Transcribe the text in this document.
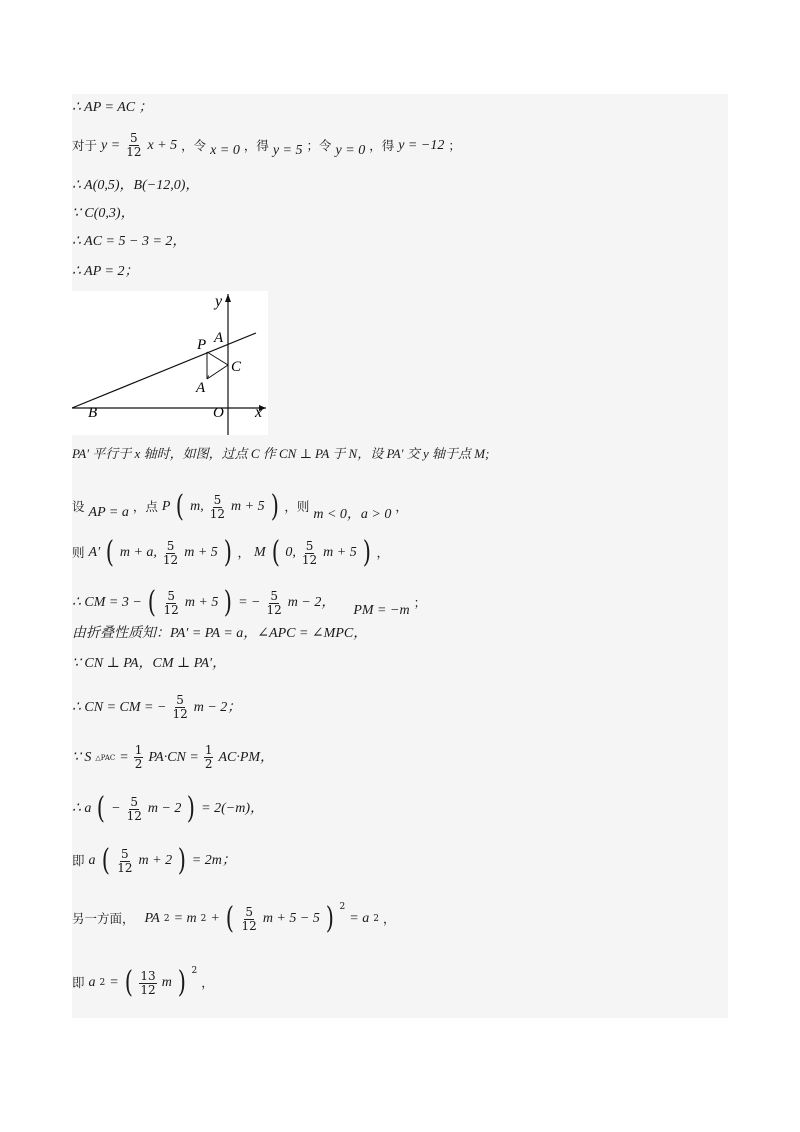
∴ AP = AC ；
对于 $y = \frac{5}{12}$ x + 5 ，令 x = 0 ，得 y = 5 ；令 y = 0 ，得 y = −12 ；
∴ A(0,5)，B(−12,0)，
∵ C(0,3)，
∴ AC = 5 − 3 = 2，
∴ AP = 2；
y
x
A
P
C
A
′
B	O
PA′ 平行于 x 轴时，如图，过点 C 作 CN ⊥ PA 于 N，设 PA′ 交 y 轴于点 M;
设 AP = a ，点 P ( m, $\frac{5}{12}$ m + 5 ) ，则
m < 0，a > 0
，
则 A′ ( m + a, $\frac{5}{12}$ m + 5 ) ， M ( 0, $\frac{5}{12}$ m + 5 ) ，
∴ CM = 3 − ( $\frac{5}{12}$ m + 5 ) = − $\frac{5}{12}$ m − 2，
PM = −m
；
由折叠性质知：PA′ = PA = a，∠APC = ∠MPC，
∵ CN ⊥ PA，CM ⊥ PA′，
∴ CN = CM = − $\frac{5}{12}$ m − 2；
∵ S △PAC = $\frac{1}{2} PA\cdot CN = \frac{1}{2} AC\cdot PM$，
∴ a ( − $\frac{5}{12}$ m − 2 ) = 2(−m)，
即 a ( $\frac{5}{12}$ m + 2 ) = 2m；
另一方面， PA 2 = m 2 + ( $\frac{5}{12}$ m + 5 − 5 ) $^2$
= a 2 ，
即 a 2 = ( $\frac{13}{12}$ m ) $^2$
，
